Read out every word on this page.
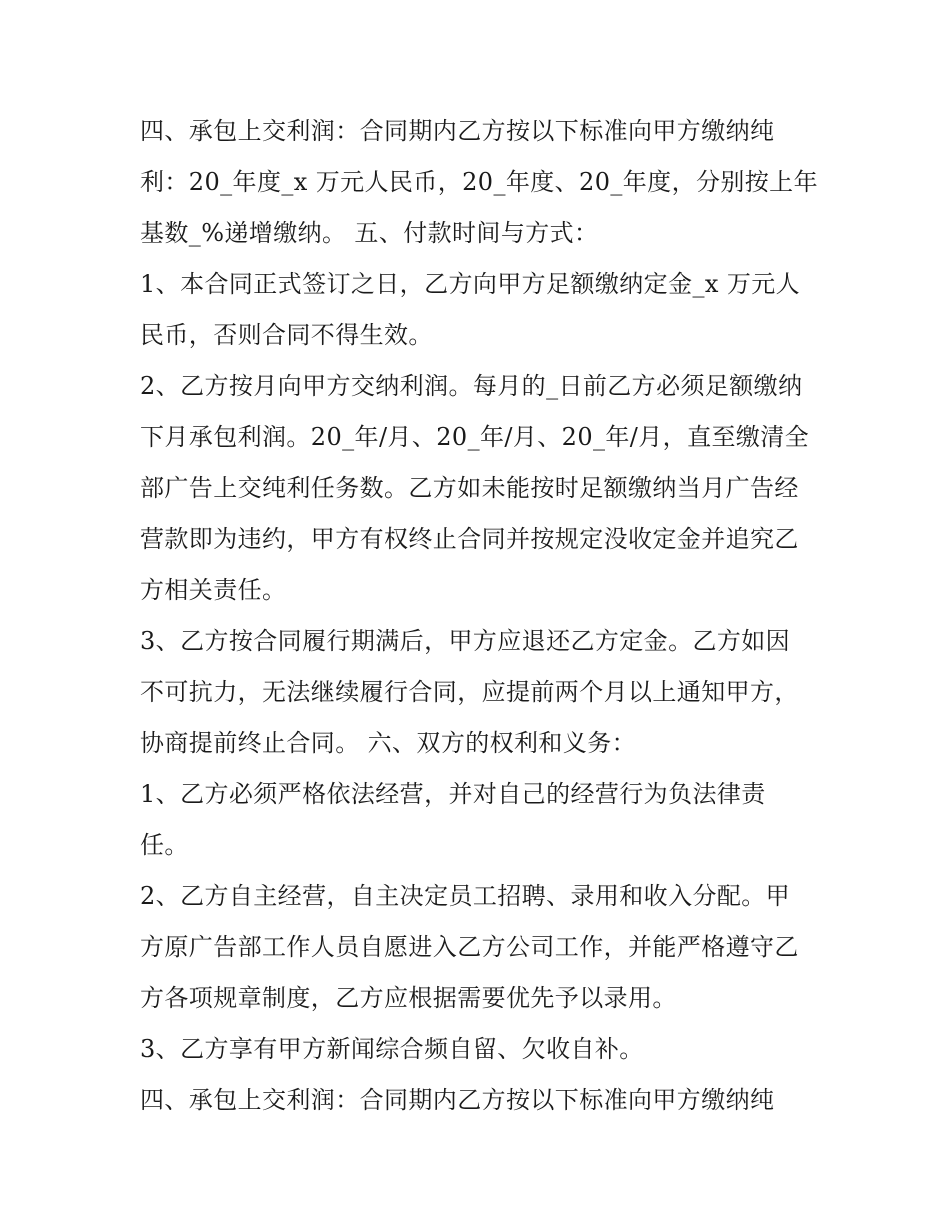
四、承包上交利润：合同期内乙方按以下标准向甲方缴纳纯
利：20_年度_x 万元人民币，20_年度、20_年度，分别按上年
基数_%递增缴纳。 五、付款时间与方式：
1、本合同正式签订之日，乙方向甲方足额缴纳定金_x 万元人
民币，否则合同不得生效。
2、乙方按月向甲方交纳利润。每月的_日前乙方必须足额缴纳
下月承包利润。20_年/月、20_年/月、20_年/月，直至缴清全
部广告上交纯利任务数。乙方如未能按时足额缴纳当月广告经
营款即为违约，甲方有权终止合同并按规定没收定金并追究乙
方相关责任。
3、乙方按合同履行期满后，甲方应退还乙方定金。乙方如因
不可抗力，无法继续履行合同，应提前两个月以上通知甲方，
协商提前终止合同。 六、双方的权利和义务：
1、乙方必须严格依法经营，并对自己的经营行为负法律责
任。
2、乙方自主经营，自主决定员工招聘、录用和收入分配。甲
方原广告部工作人员自愿进入乙方公司工作，并能严格遵守乙
方各项规章制度，乙方应根据需要优先予以录用。
3、乙方享有甲方新闻综合频自留、欠收自补。
四、承包上交利润：合同期内乙方按以下标准向甲方缴纳纯
